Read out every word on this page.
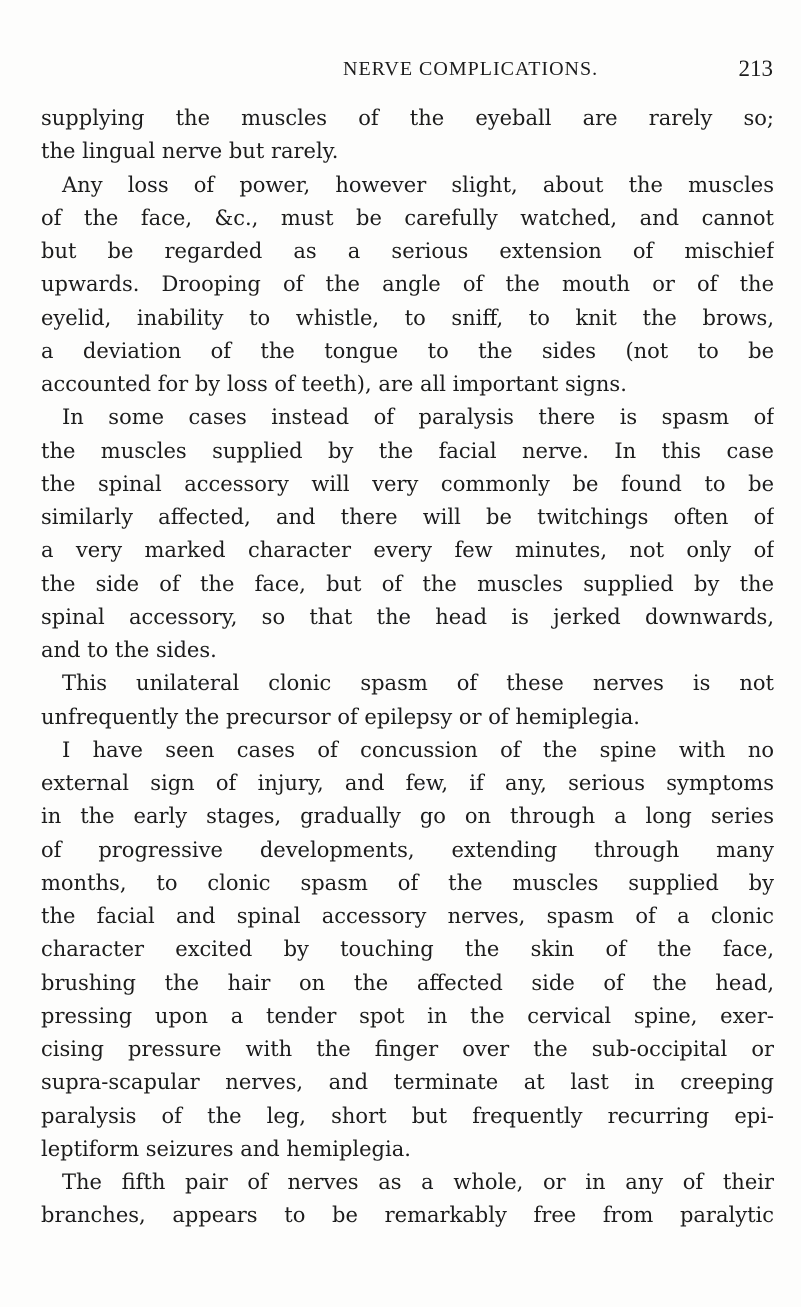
NERVE COMPLICATIONS.	213
supplying the muscles of the eyeball are rarely so;
the lingual nerve but rarely.
Any loss of power, however slight, about the muscles
of the face, &c., must be carefully watched, and cannot
but be regarded as a serious extension of mischief
upwards. Drooping of the angle of the mouth or of the
eyelid, inability to whistle, to sniff, to knit the brows,
a deviation of the tongue to the sides (not to be
accounted for by loss of teeth), are all important signs.
In some cases instead of paralysis there is spasm of
the muscles supplied by the facial nerve. In this case
the spinal accessory will very commonly be found to be
similarly affected, and there will be twitchings often of
a very marked character every few minutes, not only of
the side of the face, but of the muscles supplied by the
spinal accessory, so that the head is jerked downwards,
and to the sides.
This unilateral clonic spasm of these nerves is not
unfrequently the precursor of epilepsy or of hemiplegia.
I have seen cases of concussion of the spine with no
external sign of injury, and few, if any, serious symptoms
in the early stages, gradually go on through a long series
of progressive developments, extending through many
months, to clonic spasm of the muscles supplied by
the facial and spinal accessory nerves, spasm of a clonic
character excited by touching the skin of the face,
brushing the hair on the affected side of the head,
pressing upon a tender spot in the cervical spine, exer-
cising pressure with the finger over the sub-occipital or
supra-scapular nerves, and terminate at last in creeping
paralysis of the leg, short but frequently recurring epi-
leptiform seizures and hemiplegia.
The fifth pair of nerves as a whole, or in any of their
branches, appears to be remarkably free from paralytic
